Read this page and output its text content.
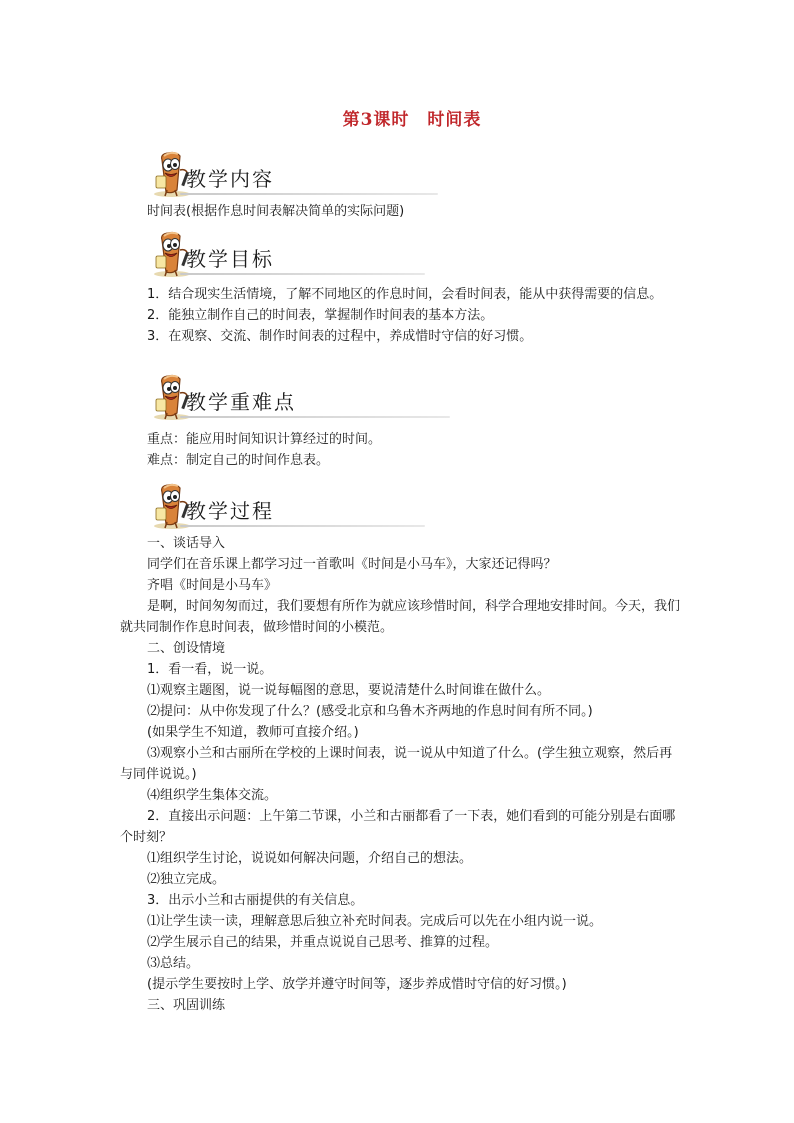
第3课时　时间表
教学内容

时间表(根据作息时间表解决简单的实际问题)

教学目标

1．结合现实生活情境，了解不同地区的作息时间，会看时间表，能从中获得需要的信息。

2．能独立制作自己的时间表，掌握制作时间表的基本方法。

3．在观察、交流、制作时间表的过程中，养成惜时守信的好习惯。

教学重难点

重点：能应用时间知识计算经过的时间。

难点：制定自己的时间作息表。

教学过程

一、谈话导入

同学们在音乐课上都学习过一首歌叫《时间是小马车》，大家还记得吗？

齐唱《时间是小马车》

是啊，时间匆匆而过，我们要想有所作为就应该珍惜时间，科学合理地安排时间。今天，我们就共同制作作息时间表，做珍惜时间的小模范。

二、创设情境

1．看一看，说一说。

⑴观察主题图，说一说每幅图的意思，要说清楚什么时间谁在做什么。

⑵提问：从中你发现了什么？(感受北京和乌鲁木齐两地的作息时间有所不同。)

(如果学生不知道，教师可直接介绍。)

⑶观察小兰和古丽所在学校的上课时间表，说一说从中知道了什么。(学生独立观察，然后再与同伴说说。)

⑷组织学生集体交流。

2．直接出示问题：上午第二节课，小兰和古丽都看了一下表，她们看到的可能分别是右面哪个时刻？

⑴组织学生讨论，说说如何解决问题，介绍自己的想法。

⑵独立完成。

3．出示小兰和古丽提供的有关信息。

⑴让学生读一读，理解意思后独立补充时间表。完成后可以先在小组内说一说。

⑵学生展示自己的结果，并重点说说自己思考、推算的过程。

⑶总结。

(提示学生要按时上学、放学并遵守时间等，逐步养成惜时守信的好习惯。)

三、巩固训练
